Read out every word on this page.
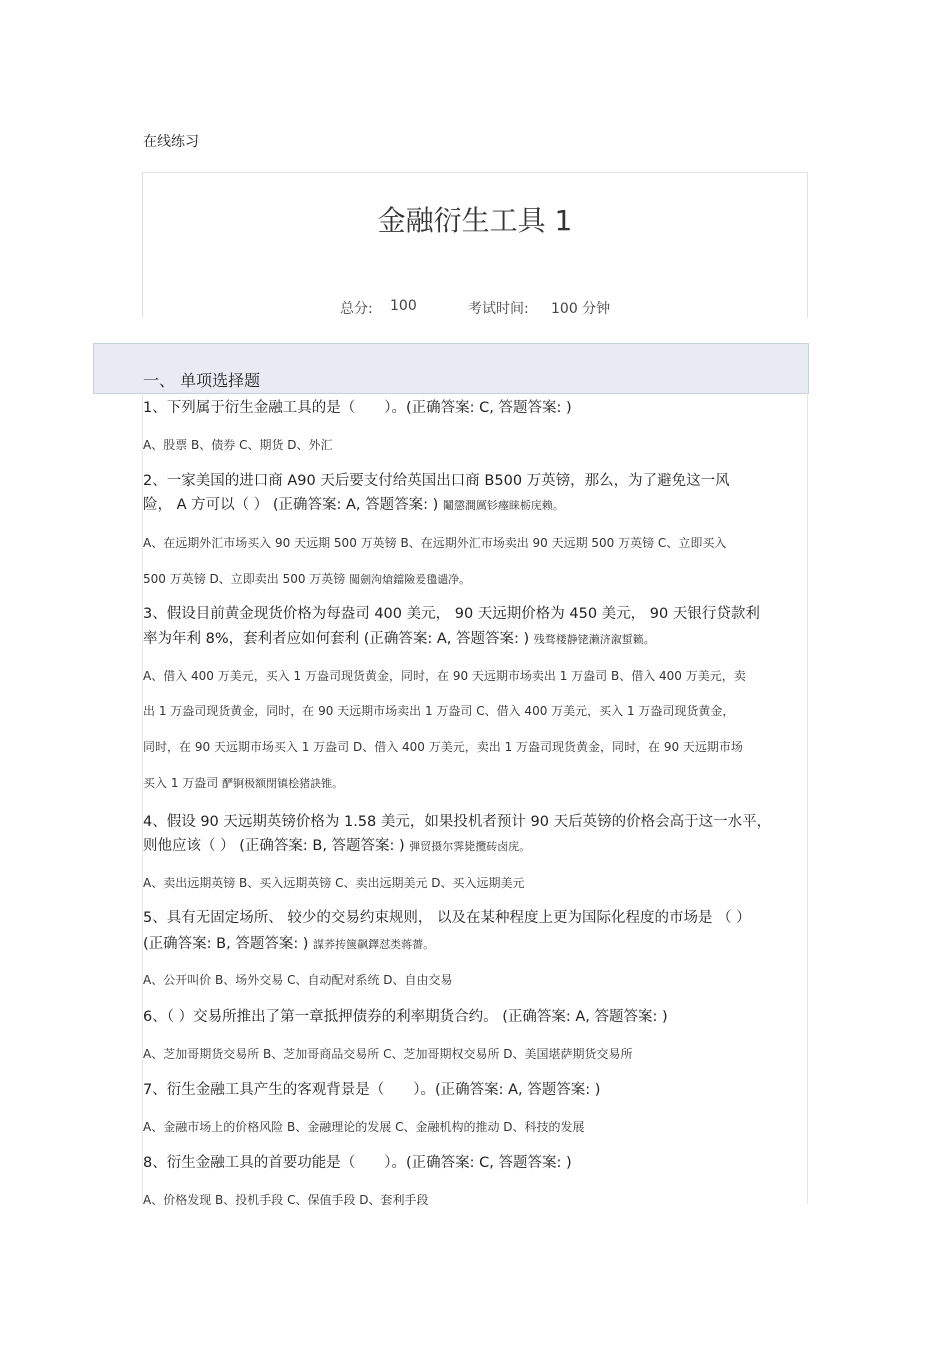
在线练习
金融衍生工具 1
总分: 100	考试时间: 100 分钟
一、 单项选择题
1、下列属于衍生金融工具的是（　　）。(正确答案: C, 答题答案: )
A、股票 B、债券 C、期货 D、外汇
2、一家美国的进口商 A90 天后要支付给英国出口商 B500 万英镑，那么，为了避免这一风
险， A 方可以（ ） (正确答案: A, 答题答案: ) 鬮懲澗厲钐瘞睐栃庑赖。
A、在远期外汇市场买入 90 天远期 500 万英镑 B、在远期外汇市场卖出 90 天远期 500 万英镑 C、立即买入
500 万英镑 D、立即卖出 500 万英镑 闖劍泃熗鐺險爰氌谴净。
3、假设目前黄金现货价格为每盎司 400 美元， 90 天远期价格为 450 美元， 90 天银行贷款利
率为年利 8%，套利者应如何套利 (正确答案: A, 答题答案: ) 残骛楼静铑濑济溆蜇籁。
A、借入 400 万美元，买入 1 万盎司现货黄金，同时，在 90 天远期市场卖出 1 万盎司 B、借入 400 万美元，卖
出 1 万盎司现货黄金，同时，在 90 天远期市场卖出 1 万盎司 C、借入 400 万美元，买入 1 万盎司现货黄金，
同时，在 90 天远期市场买入 1 万盎司 D、借入 400 万美元，卖出 1 万盎司现货黄金，同时，在 90 天远期市场
买入 1 万盎司 酽锕极额閉镇桧猪訣锥。
4、假设 90 天远期英镑价格为 1.58 美元，如果投机者预计 90 天后英镑的价格会高于这一水平，
则他应该（ ） (正确答案: B, 答题答案: ) 弾贸摄尔霁毙攬砖卤庑。
A、卖出远期英镑 B、买入远期英镑 C、卖出远期美元 D、买入远期美元
5、具有无固定场所、 较少的交易约束规则， 以及在某种程度上更为国际化程度的市场是 （ ）
(正确答案: B, 答题答案: ) 謀荞抟箧飙鐸怼类蒋薔。
A、公开叫价 B、场外交易 C、自动配对系统 D、自由交易
6、（ ）交易所推出了第一章抵押债券的利率期货合约。 (正确答案: A, 答题答案: )
A、芝加哥期货交易所 B、芝加哥商品交易所 C、芝加哥期权交易所 D、美国堪萨期货交易所
7、衍生金融工具产生的客观背景是（　　）。(正确答案: A, 答题答案: )
A、金融市场上的价格风险 B、金融理论的发展 C、金融机构的推动 D、科技的发展
8、衍生金融工具的首要功能是（　　）。(正确答案: C, 答题答案: )
A、价格发现 B、投机手段 C、保值手段 D、套利手段
